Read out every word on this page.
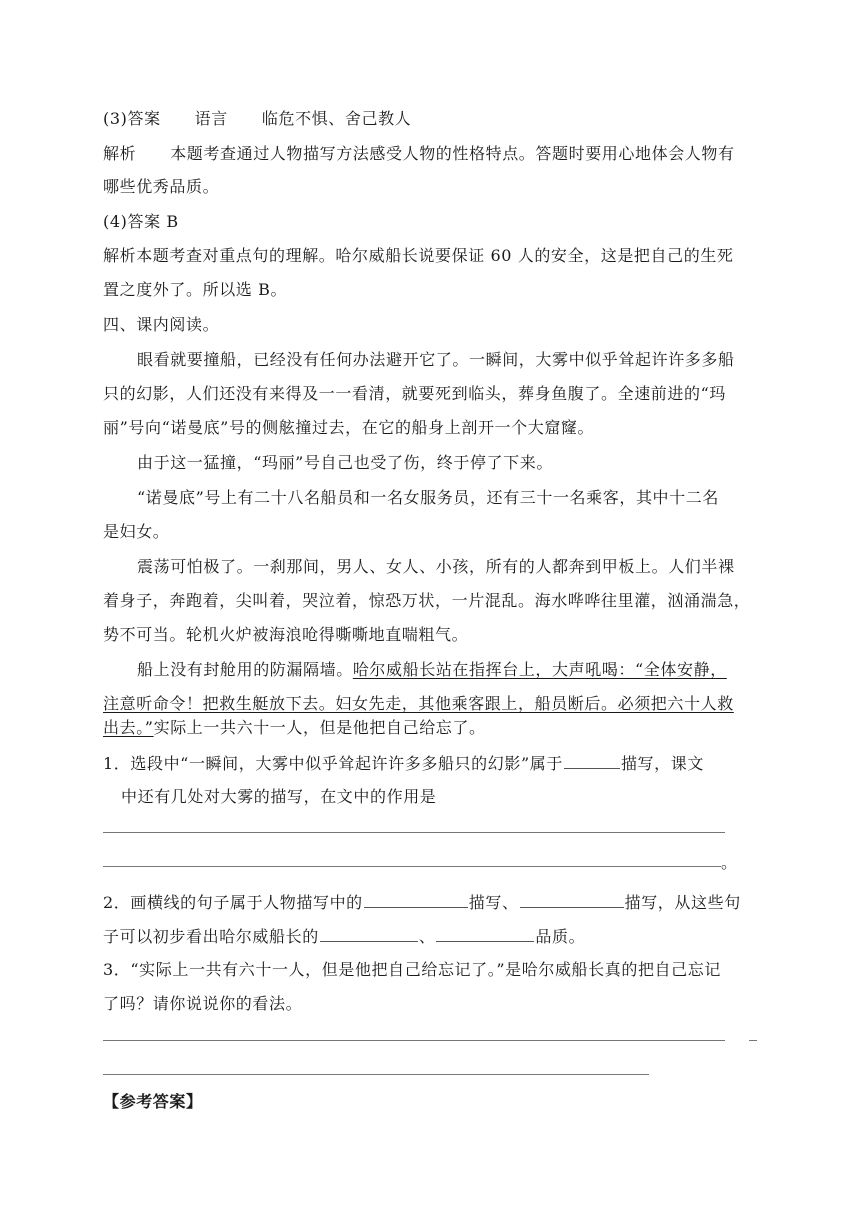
(3)答案 语言 临危不惧、舍己教人
解析 本题考查通过人物描写方法感受人物的性格特点。答题时要用心地体会人物有
哪些优秀品质。
(4)答案 B
解析本题考查对重点句的理解。哈尔威船长说要保证 60 人的安全，这是把自己的生死
置之度外了。所以选 B。
四、课内阅读。
眼看就要撞船，已经没有任何办法避开它了。一瞬间，大雾中似乎耸起许许多多船
只的幻影，人们还没有来得及一一看清，就要死到临头，葬身鱼腹了。全速前进的“玛
丽”号向“诺曼底”号的侧舷撞过去，在它的船身上剖开一个大窟窿。
由于这一猛撞，“玛丽”号自己也受了伤，终于停了下来。
“诺曼底”号上有二十八名船员和一名女服务员，还有三十一名乘客，其中十二名
是妇女。
震荡可怕极了。一刹那间，男人、女人、小孩，所有的人都奔到甲板上。人们半裸
着身子，奔跑着，尖叫着，哭泣着，惊恐万状，一片混乱。海水哗哗往里灌，汹涌湍急，
势不可当。轮机火炉被海浪呛得嘶嘶地直喘粗气。
船上没有封舱用的防漏隔墙。哈尔威船长站在指挥台上，大声吼喝：“全体安静，
注意听命令！把救生艇放下去。妇女先走，其他乘客跟上，船员断后。必须把六十人救
出去。”实际上一共六十一人，但是他把自己给忘了。
1．选段中“一瞬间，大雾中似乎耸起许许多多船只的幻影”属于	描写，课文
中还有几处对大雾的描写，在文中的作用是
。
2．画横线的句子属于人物描写中的	描写、	描写，从这些句
子可以初步看出哈尔威船长的	、	品质。
3．“实际上一共有六十一人，但是他把自己给忘记了。”是哈尔威船长真的把自己忘记
了吗？请你说说你的看法。
【参考答案】
